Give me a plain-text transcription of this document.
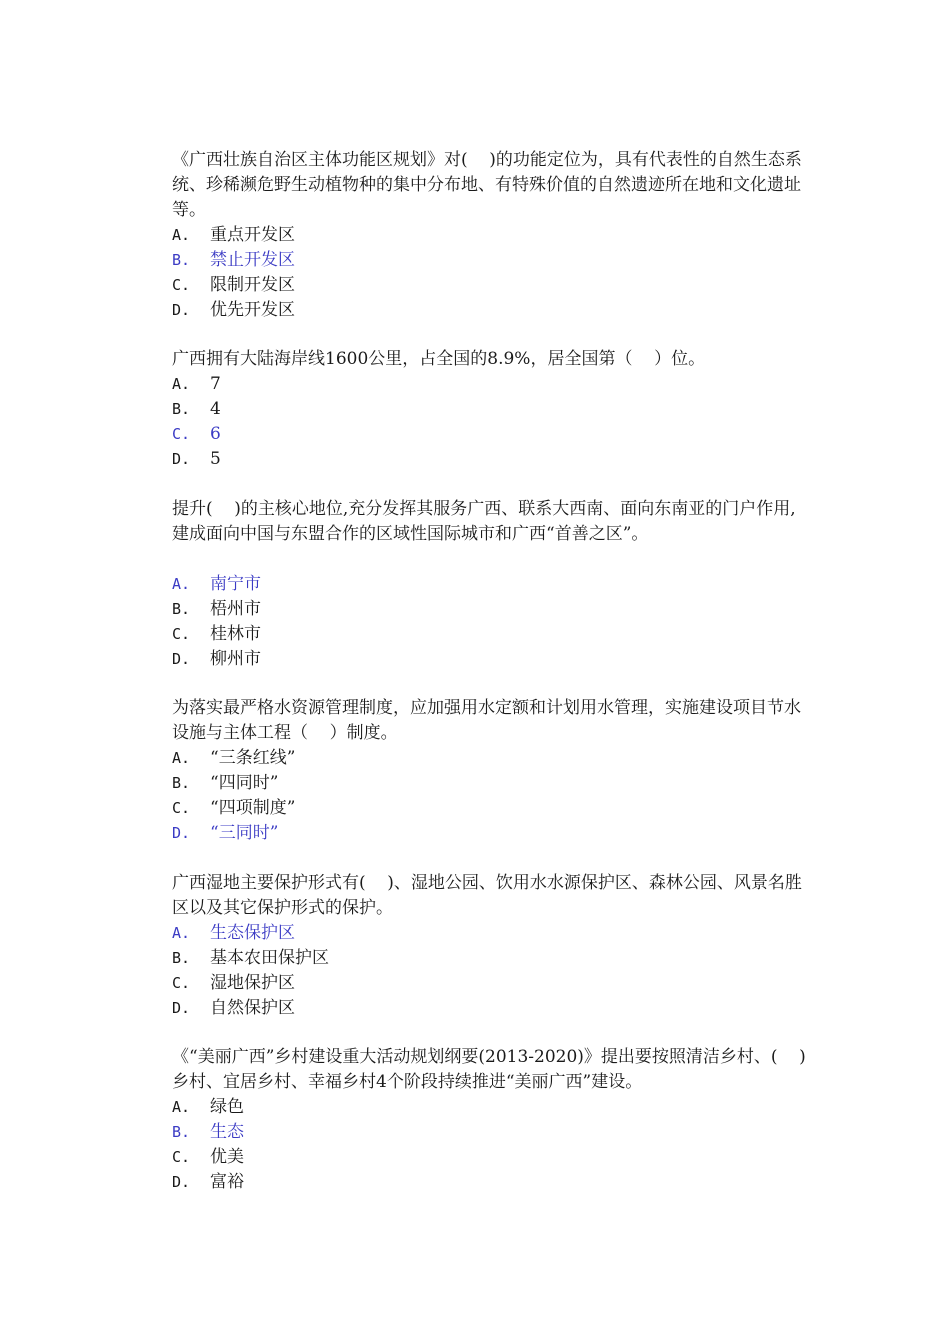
《广西壮族自治区主体功能区规划》对(    )的功能定位为，具有代表性的自然生态系统、珍稀濒危野生动植物种的集中分布地、有特殊价值的自然遗迹所在地和文化遗址等。

A.	重点开发区
B.	禁止开发区
C.	限制开发区
D.	优先开发区

广西拥有大陆海岸线1600公里，占全国的8.9%，居全国第（    ）位。

A.	7
B.	4
C.	6
D.	5

提升(    )的主核心地位,充分发挥其服务广西、联系大西南、面向东南亚的门户作用,建成面向中国与东盟合作的区域性国际城市和广西“首善之区”。

A.	南宁市
B.	梧州市
C.	桂林市
D.	柳州市

为落实最严格水资源管理制度，应加强用水定额和计划用水管理，实施建设项目节水设施与主体工程（    ）制度。

A.	“三条红线”
B.	“四同时”
C.	“四项制度”
D.	“三同时”

广西湿地主要保护形式有(    )、湿地公园、饮用水水源保护区、森林公园、风景名胜区以及其它保护形式的保护。

A.	生态保护区
B.	基本农田保护区
C.	湿地保护区
D.	自然保护区

《“美丽广西”乡村建设重大活动规划纲要(2013-2020)》提出要按照清洁乡村、(    )乡村、宜居乡村、幸福乡村4个阶段持续推进“美丽广西”建设。

A.	绿色
B.	生态
C.	优美
D.	富裕
